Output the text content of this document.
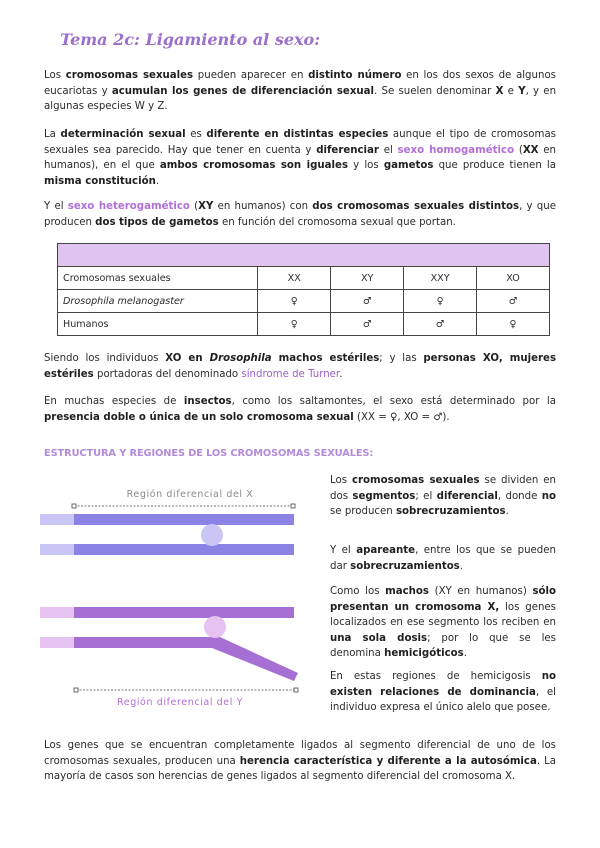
Tema 2c: Ligamiento al sexo:

Los cromosomas sexuales pueden aparecer en distinto número en los dos sexos de algunos eucariotas y acumulan los genes de diferenciación sexual. Se suelen denominar X e Y, y en algunas especies W y Z.

La determinación sexual es diferente en distintas especies aunque el tipo de cromosomas sexuales sea parecido. Hay que tener en cuenta y diferenciar el sexo homogamético (XX en humanos), en el que ambos cromosomas son iguales y los gametos que produce tienen la misma constitución.

Y el sexo heterogamético (XY en humanos) con dos cromosomas sexuales distintos, y que producen dos tipos de gametos en función del cromosoma sexual que portan.

Cromosomas sexuales	XX	XY	XXY	XO
Drosophila melanogaster	♀	♂	♀	♂
Humanos	♀	♂	♂	♀

Siendo los individuos XO en Drosophila machos estériles; y las personas XO, mujeres estériles portadoras del denominado síndrome de Turner.

En muchas especies de insectos, como los saltamontes, el sexo está determinado por la presencia doble o única de un solo cromosoma sexual (XX = ♀, XO = ♂).

ESTRUCTURA Y REGIONES DE LOS CROMOSOMAS SEXUALES:
Región diferencial del X
Región diferencial del Y

Los cromosomas sexuales se dividen en dos segmentos; el diferencial, donde no se producen sobrecruzamientos.

Y el apareante, entre los que se pueden dar sobrecruzamientos.

Como los machos (XY en humanos) sólo presentan un cromosoma X, los genes localizados en ese segmento los reciben en una sola dosis; por lo que se les denomina hemicigóticos.

En estas regiones de hemicigosis no existen relaciones de dominancia, el individuo expresa el único alelo que posee.

Los genes que se encuentran completamente ligados al segmento diferencial de uno de los cromosomas sexuales, producen una herencia característica y diferente a la autosómica. La mayoría de casos son herencias de genes ligados al segmento diferencial del cromosoma X.
